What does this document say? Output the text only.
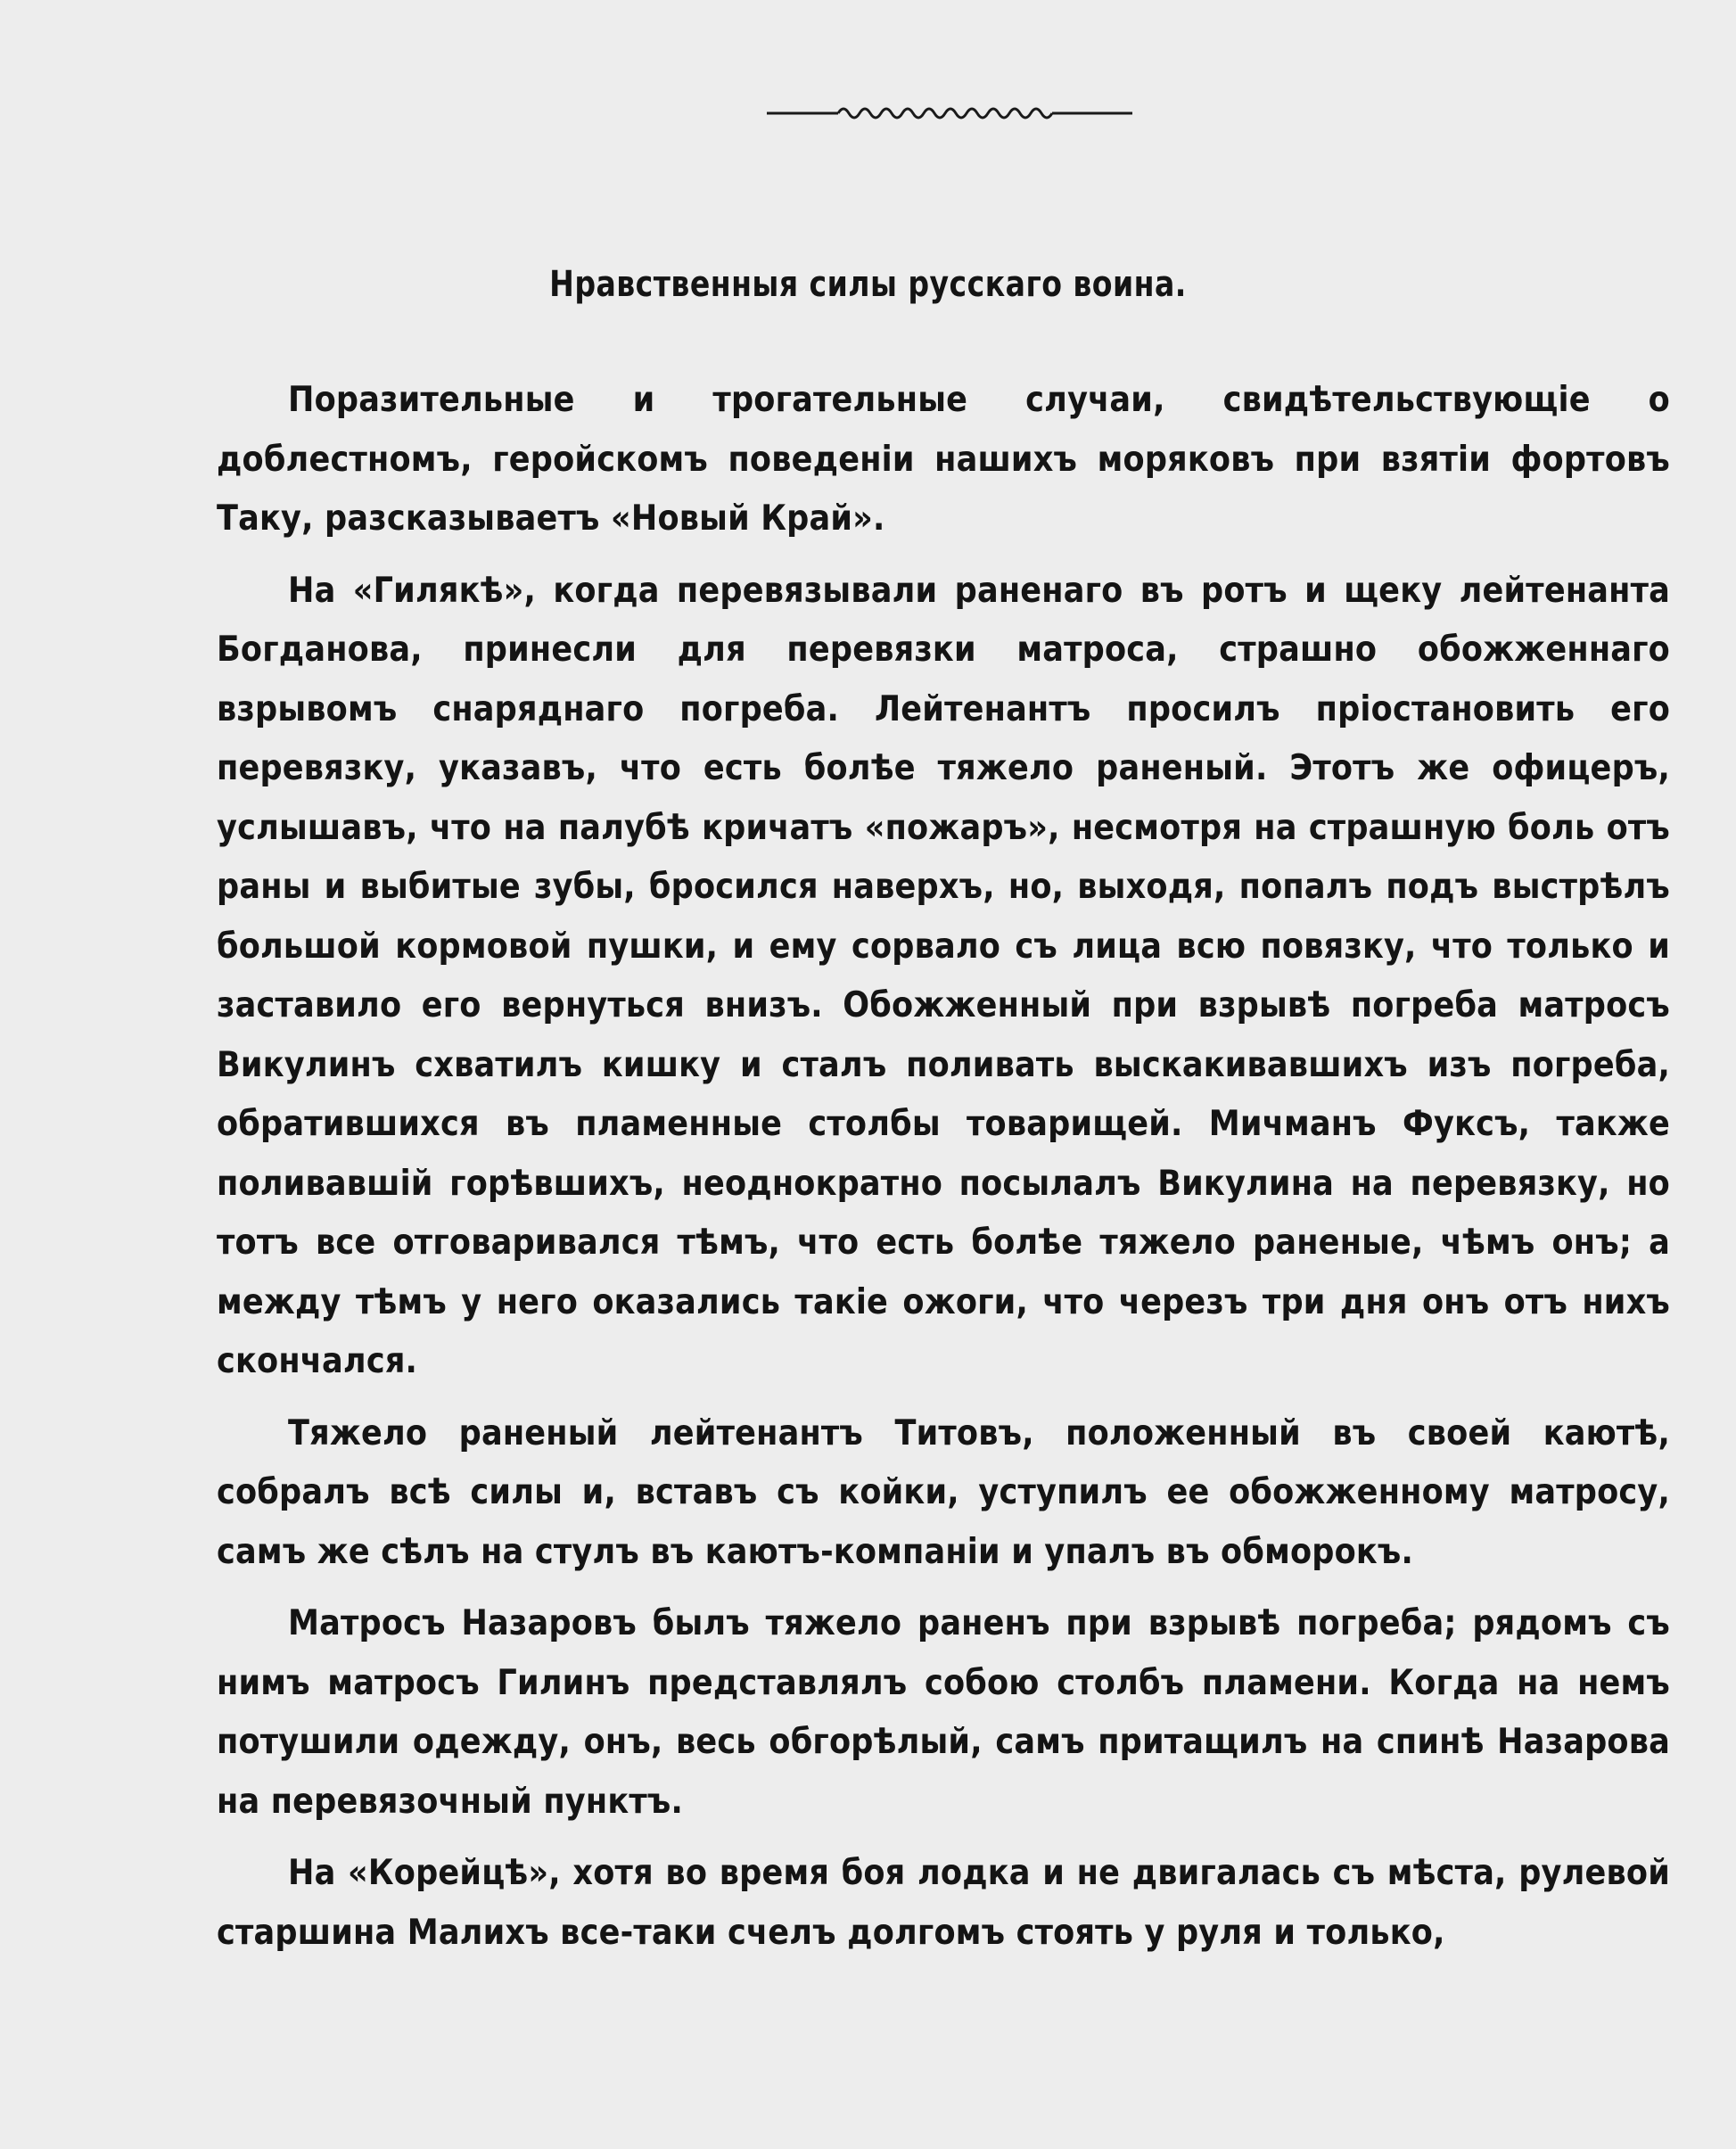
Нравственныя силы русскаго воина.

Поразительные и трогательные случаи, свидѣтельствующіе о доблестномъ, геройскомъ поведеніи нашихъ моряковъ при взятіи фортовъ Таку, разсказываетъ «Новый Край».

На «Гилякѣ», когда перевязывали раненаго въ ротъ и щеку лейтенанта Богданова, принесли для перевязки матроса, страшно обожженнаго взрывомъ снаряднаго погреба. Лейтенантъ просилъ пріостановить его перевязку, указавъ, что есть болѣе тяжело раненый. Этотъ же офицеръ, услышавъ, что на палубѣ кричатъ «пожаръ», несмотря на страшную боль отъ раны и выбитые зубы, бросился наверхъ, но, выходя, попалъ подъ выстрѣлъ большой кормовой пушки, и ему сорвало съ лица всю повязку, что только и заставило его вернуться внизъ. Обожженный при взрывѣ погреба матросъ Викулинъ схватилъ кишку и сталъ поливать выскакивавшихъ изъ погреба, обратившихся въ пламенные столбы товарищей. Мичманъ Фуксъ, также поливавшій горѣвшихъ, неоднократно посылалъ Викулина на перевязку, но тотъ все отговаривался тѣмъ, что есть болѣе тяжело раненые, чѣмъ онъ; а между тѣмъ у него оказались такіе ожоги, что черезъ три дня онъ отъ нихъ скончался.

Тяжело раненый лейтенантъ Титовъ, положенный въ своей каютѣ, собралъ всѣ силы и, вставъ съ койки, уступилъ ее обожженному матросу, самъ же сѣлъ на стулъ въ каютъ-компаніи и упалъ въ обморокъ.

Матросъ Назаровъ былъ тяжело раненъ при взрывѣ погреба; рядомъ съ нимъ матросъ Гилинъ представлялъ собою столбъ пламени. Когда на немъ потушили одежду, онъ, весь обгорѣлый, самъ притащилъ на спинѣ Назарова на перевязочный пунктъ.

На «Корейцѣ», хотя во время боя лодка и не двигалась съ мѣста, рулевой старшина Малихъ все-таки счелъ долгомъ стоять у руля и только,
